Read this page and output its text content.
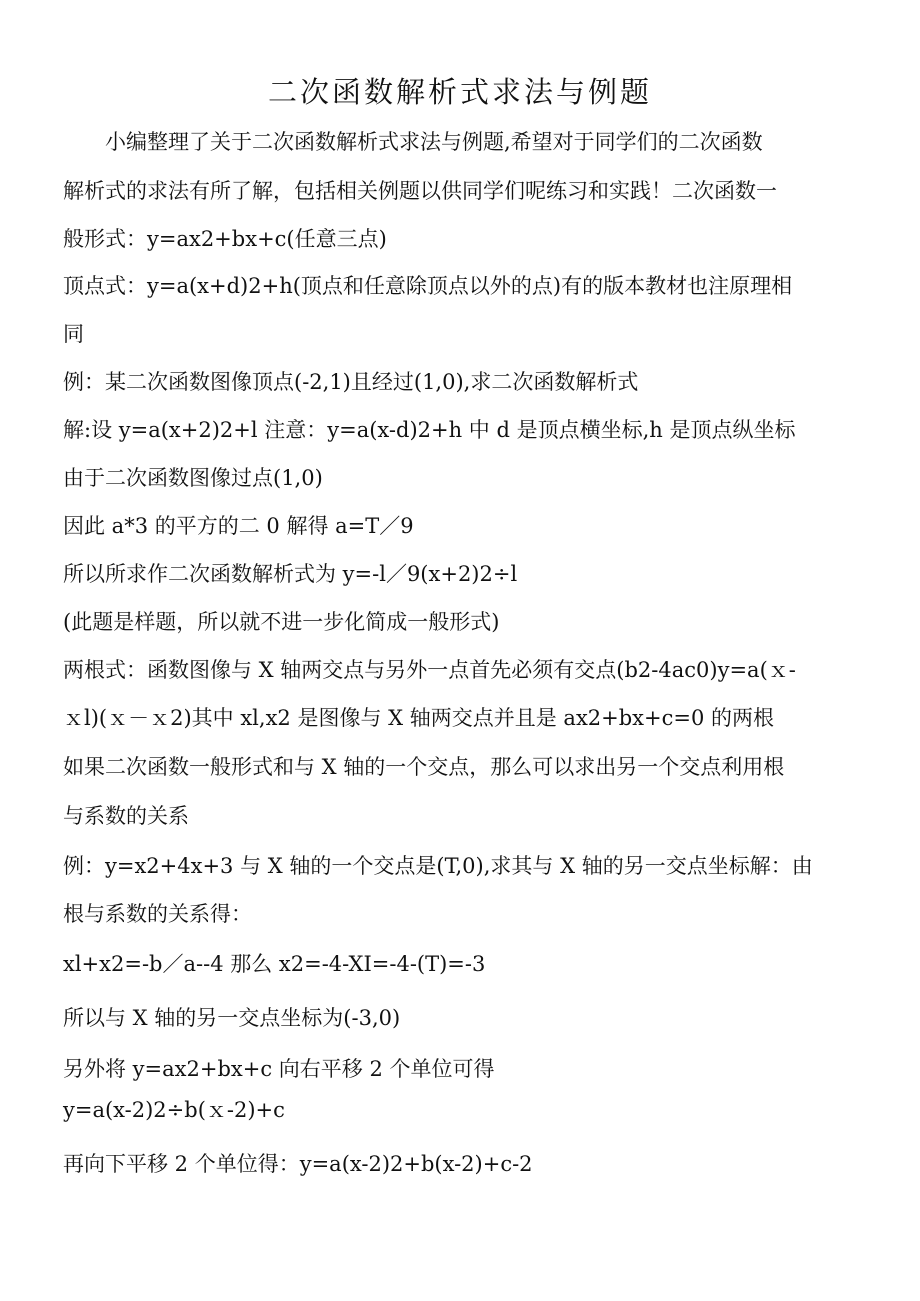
二次函数解析式求法与例题

　　小编整理了关于二次函数解析式求法与例题,希望对于同学们的二次函数

解析式的求法有所了解，包括相关例题以供同学们呢练习和实践！二次函数一

般形式：y=ax2+bx+c(任意三点)

顶点式：y=a(x+d)2+h(顶点和任意除顶点以外的点)有的版本教材也注原理相

同

例：某二次函数图像顶点(-2,1)且经过(1,0),求二次函数解析式

解:设 y=a(x+2)2+l 注意：y=a(x-d)2+h 中 d 是顶点横坐标,h 是顶点纵坐标

由于二次函数图像过点(1,0)

因此 a*3 的平方的二 0 解得 a=T／9

所以所求作二次函数解析式为 y=-l／9(x+2)2÷l

(此题是样题，所以就不进一步化简成一般形式)

两根式：函数图像与 X 轴两交点与另外一点首先必须有交点(b2-4ac0)y=a(ｘ-

ｘl)(ｘ－ｘ2)其中 xl,x2 是图像与 X 轴两交点并且是 ax2+bx+c=0 的两根

如果二次函数一般形式和与 X 轴的一个交点，那么可以求出另一个交点利用根

与系数的关系

例：y=x2+4x+3 与 X 轴的一个交点是(T,0),求其与 X 轴的另一交点坐标解：由

根与系数的关系得：

xl+x2=-b／a--4 那么 x2=-4-XI=-4-(T)=-3

所以与 X 轴的另一交点坐标为(-3,0)

另外将 y=ax2+bx+c 向右平移 2 个单位可得

y=a(x-2)2÷b(ｘ-2)+c

再向下平移 2 个单位得：y=a(x-2)2+b(x-2)+c-2
